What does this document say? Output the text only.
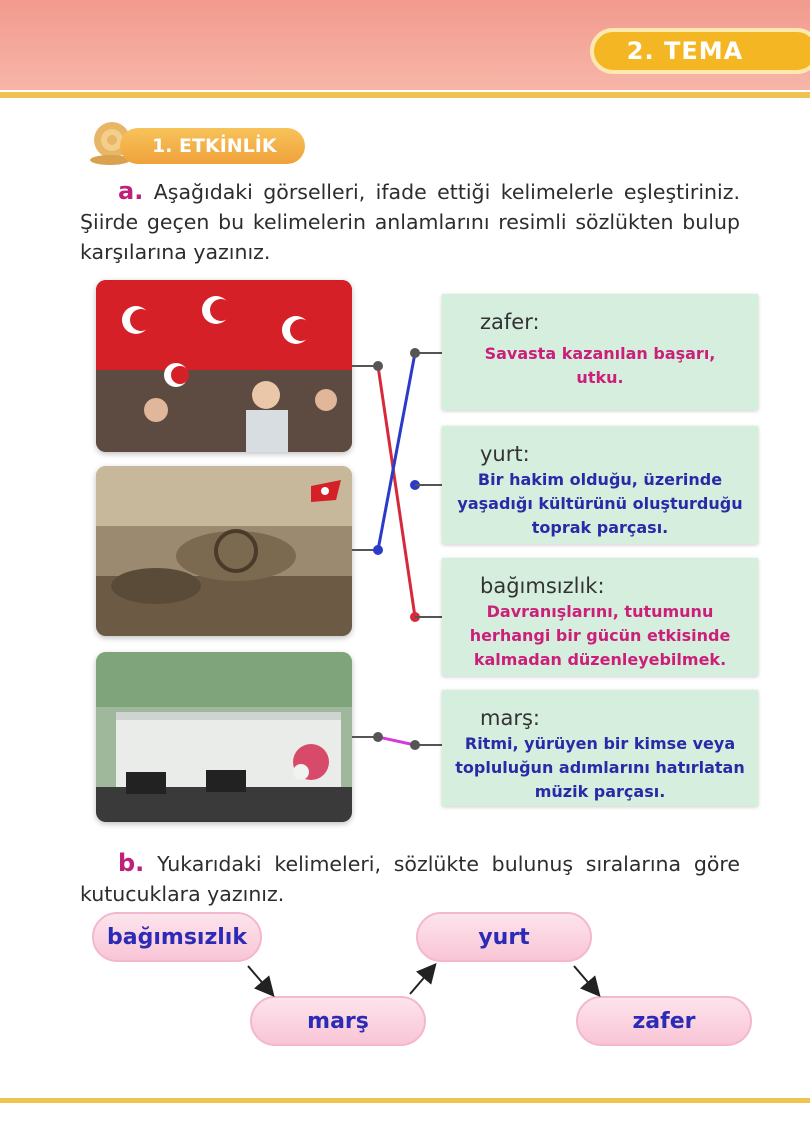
2. TEMA
1. ETKİNLİK
a. Aşağıdaki görselleri, ifade ettiği kelimelerle eşleştiriniz. Şiirde geçen bu kelimelerin anlamlarını resimli sözlükten bulup karşılarına yazınız.
zafer:
Savasta kazanılan başarı,
utku.
yurt:
Bir hakim olduğu, üzerinde
yaşadığı kültürünü oluşturduğu
toprak parçası.
bağımsızlık:
Davranışlarını, tutumunu
herhangi bir gücün etkisinde
kalmadan düzenleyebilmek.
marş:
Ritmi, yürüyen bir kimse veya
topluluğun adımlarını hatırlatan
müzik parçası.
b. Yukarıdaki kelimeleri, sözlükte bulunuş sıralarına göre kutucuklara yazınız.
bağımsızlık
marş
yurt
zafer
